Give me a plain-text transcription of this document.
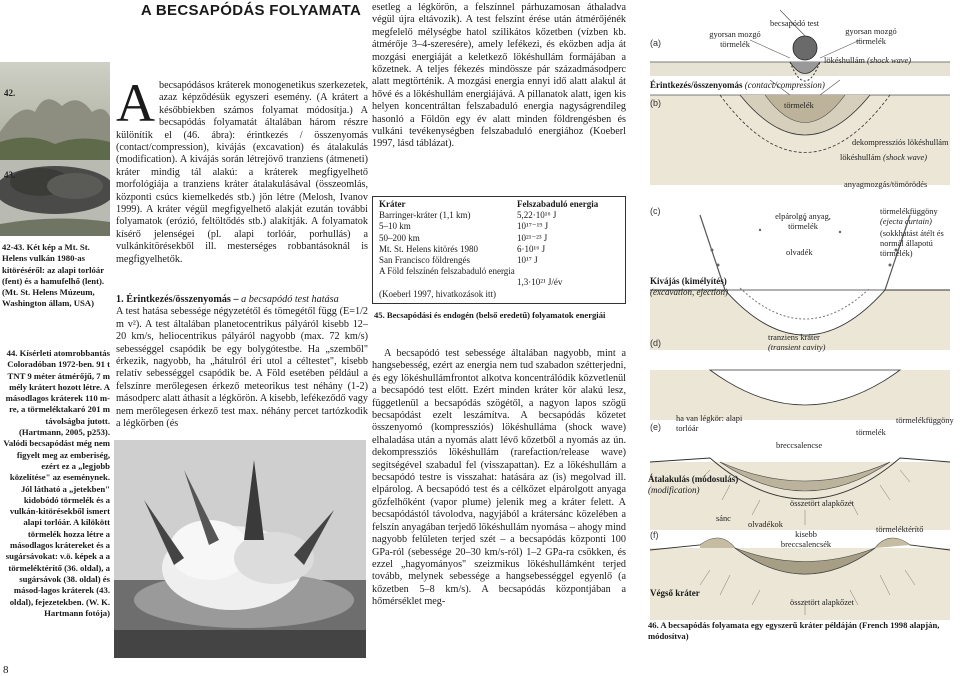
A BECSAPÓDÁS FOLYAMATA
42.
43.
42-43. Két kép a Mt. St. Helens vulkán 1980-as kitöréséről: az alapi torlóár (fent) és a hamufelhő (lent). (Mt. St. Helens Múzeum, Washington állam, USA)
44. Kísérleti atomrobbantás Coloradóban 1972-ben. 91 t TNT 9 méter átmérőjű, 7 m mély krátert hozott létre. A másodlagos kráterek 110 m-re, a törmeléktakaró 201 m távolságba jutott. (Hartmann, 2005, p253). Valódi becsapódást még nem figyelt meg az emberiség, ezért ez a „legjobb közelítése" az eseménynek. Jól látható a „jetekben" kidobódó törmelék és a vulkán-kitörésekből ismert alapi torlóár. A kilökött törmelék hozza létre a másodlagos krátereket és a sugársávokat: v.ö. képek a a törmeléktérítő (36. oldal), a sugársávok (38. oldal) és másod-lagos kráterek (43. oldal), fejezetekben. (W. K. Hartmann fotója)
8
Abecsapódásos kráterek monogenetikus szerkezetek, azaz képződésük egyszeri esemény. (A krátert a későbbiekben számos folyamat módosítja.) A becsapódás folyamatát általában három részre különítik el (46. ábra): érintkezés / összenyomás (contact/compression), kivájás (excavation) és átalakulás (modification). A kivájás során létrejövő tranziens (átmeneti) kráter mindig tál alakú: a kráterek megfigyelhető morfológiája a tranziens kráter átalakulásával (összeomlás, központi csúcs kiemelkedés stb.) jön létre (Melosh, Ivanov 1999). A kráter végül megfigyelhető alakját ezután további folyamatok (erózió, feltöltődés stb.) alakítják. A folyamatok kísérő jelenségei (pl. alapi torlóár, porhullás) a vulkánkitörésekből ill. mesterséges robbantásoknál is megfigyelhetők.
1. Érintkezés/összenyomás – a becsapódó test hatása
A test hatása sebessége négyzetétől és tömegétől függ (E=1/2 m v²). A test általában planetocentrikus pályáról kisebb 12–20 km/s, heliocentrikus pályáról nagyobb (max. 72 km/s) sebességgel csapódik be egy bolygótestbe. Ha „szemből" érkezik, nagyobb, ha „hátulról éri utol a céltestet", kisebb relatív sebességgel csapódik be. A Föld esetében például a felszínre merőlegesen érkező meteorikus test néhány (1-2) másodperc alatt áthasít a légkörön. A kisebb, lefékeződő vagy nem merőlegesen érkező test max. néhány percet tartózkodik a légkörben (és
esetleg a légkörön, a felszínnel párhuzamosan áthaladva végül újra eltávozik). A test felszínt érése után átmérőjénék megfelelő mélységbe hatol szilikátos kőzetben (vízben kb. átmérője 3–4-szeresére), amely lefékezi, és eközben adja át mozgási energiáját a keletkező lökéshullám formájában a kőzetnek. A teljes fékezés mindössze pár századmásodperc alatt megtörténik. A mozgási energia ennyi idő alatt alakul át hővé és a lökéshullám energiájává. A pillanatok alatt, igen kis helyen koncentráltan felszabaduló energia nagyságrendileg hasonló a Földön egy év alatt minden földrengésben és vulkáni tevékenységben felszabaduló energiához (Koeberl 1997, lásd táblázat).
Kráter	Felszabaduló energia
Barringer-kráter (1,1 km)	5,22·10¹⁶ J
5–10 km	10¹⁷⁻¹⁹ J
50–200 km	10²¹⁻²³ J
Mt. St. Helens kitörés 1980	6·10¹⁶ J
San Francisco földrengés	10¹⁷ J
A Föld felszínén felszabaduló energia
1,3·10²¹ J/év
(Koeberl 1997, hivatkozások itt)
45. Becsapódási és endogén (belső eredetű) folyamatok energiái
A becsapódó test sebessége általában nagyobb, mint a hangsebesség, ezért az energia nem tud szabadon szétterjedni, és egy lökéshullámfrontot alkotva koncentrálódik közvetlenül a becsapódó test előtt. Ezért minden kráter kör alakú lesz, függetlenül a becsapódás szögétől, a nagyon lapos szögű becsapódást ezelt leszámítva. A becsapódás kőzetet összenyomó (kompressziós) lökéshulláma (shock wave) elhaladása után a nyomás alatt lévő kőzetből a nyomás az ún. dekompressziós lökéshullám (rarefaction/release wave) segítségével szabadul fel (visszapattan). Ez a lökéshullám a becsapódó testre is visszahat: hatására az (is) megolvad ill. elpárolog. A becsapódó test és a célkőzet elpárolgott anyaga gőzfelhőként (vapor plume) jelenik meg a kráter felett. A becsapódástól távolodva, nagyjából a krátersánc közelében a felszín anyagában terjedő lökéshullám nyomása – ahogy mind nagyobb felületen terjed szét – a becsapódás központi 100 GPa-ról (sebessége 20–30 km/s-ról) 1–2 GPa-ra csökken, és ezzel „hagyományos" szeizmikus lökéshullámként terjed tovább, melynek sebessége a hangsebességgel egyenlő (a kőzetben 5–8 km/s). A becsapódás központjában a hőmérséklet meg-
(a)
(b)
(c)
(d)
(e)
(f)
gyorsan mozgó törmelék
becsapódó test
gyorsan mozgó törmelék
lökéshullám (shock wave)
Érintkezés/összenyomás (contact/compression)
törmelék
dekompressziós lökéshullám
lökéshullám (shock wave)
anyagmozgás/tömörödés
elpárolgó anyag, törmelék
olvadék
törmelékfüggöny
(ejecta curtain)
(sokkhatást átélt és normál állapotú törmelék)
Kivájás (kimélyítés)
(excavation, ejection)
tranziens kráter
(transient cavity)
ha van légkör: alapi torlóár	törmelék
törmelékfüggöny
breccsalencse
Átalakulás (módosulás)
(modification)
összetört alapkőzet
sánc
olvadékok
kisebb breccsalencsék
törmeléktérítő
Végső kráter
összetört alapkőzet
46. A becsapódás folyamata egy egyszerű kráter példáján (French 1998 alapján, módosítva)
